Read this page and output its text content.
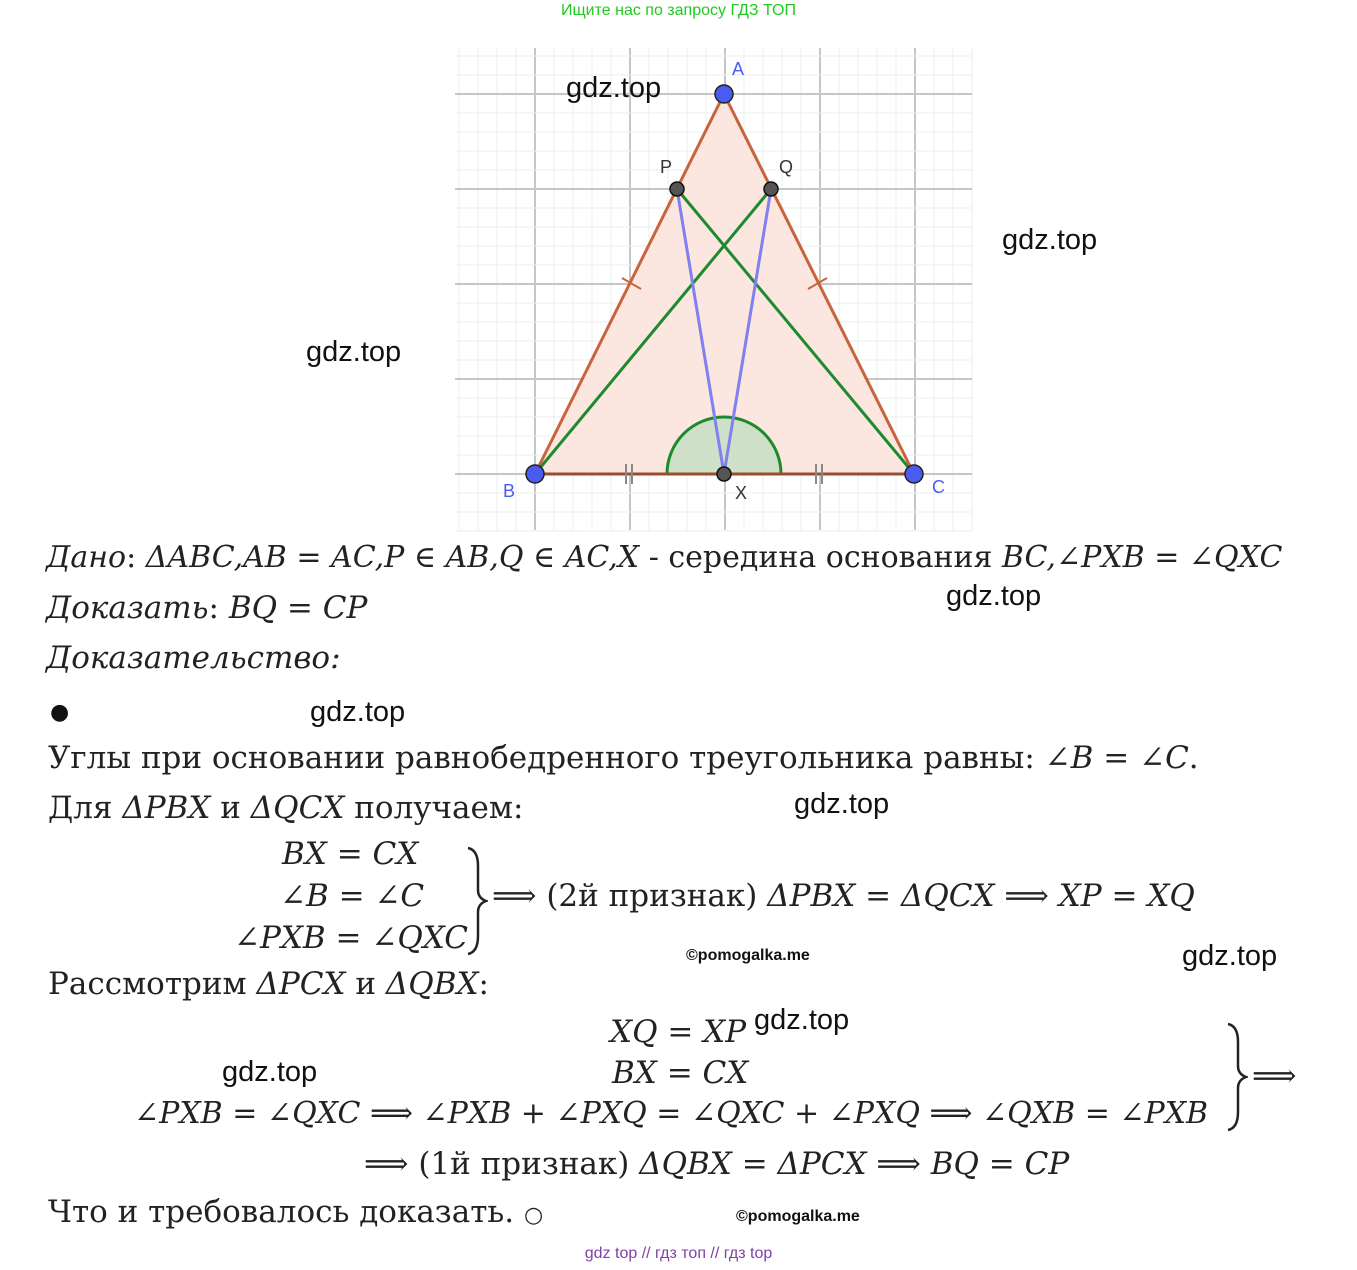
Ищите нас по запросу ГДЗ ТОП
A
B	C
P	Q
X
gdz.top
gdz.top
gdz.top
gdz.top
gdz.top
gdz.top
gdz.top
gdz.top
gdz.top
©pomogalka.me
©pomogalka.me
Дано: ΔABC,AB = AC,P ∈ AB,Q ∈ AC,X - середина основания BC,∠PXB = ∠QXC
Доказать: BQ = CP
Доказательство:
●
Углы при основании равнобедренного треугольника равны: ∠B = ∠C.
Для ΔPBX и ΔQCX получаем:
BX = CX
∠B = ∠C
∠PXB = ∠QXC
⟹ (2й признак) ΔPBX = ΔQCX ⟹ XP = XQ
Рассмотрим ΔPCX и ΔQBX:
XQ = XP
BX = CX
∠PXB = ∠QXC ⟹ ∠PXB + ∠PXQ = ∠QXC + ∠PXQ ⟹ ∠QXB = ∠PXB
⟹
⟹ (1й признак) ΔQBX = ΔPCX ⟹ BQ = CP
Что и требовалось доказать. ○
gdz top // гдз топ // гдз top
